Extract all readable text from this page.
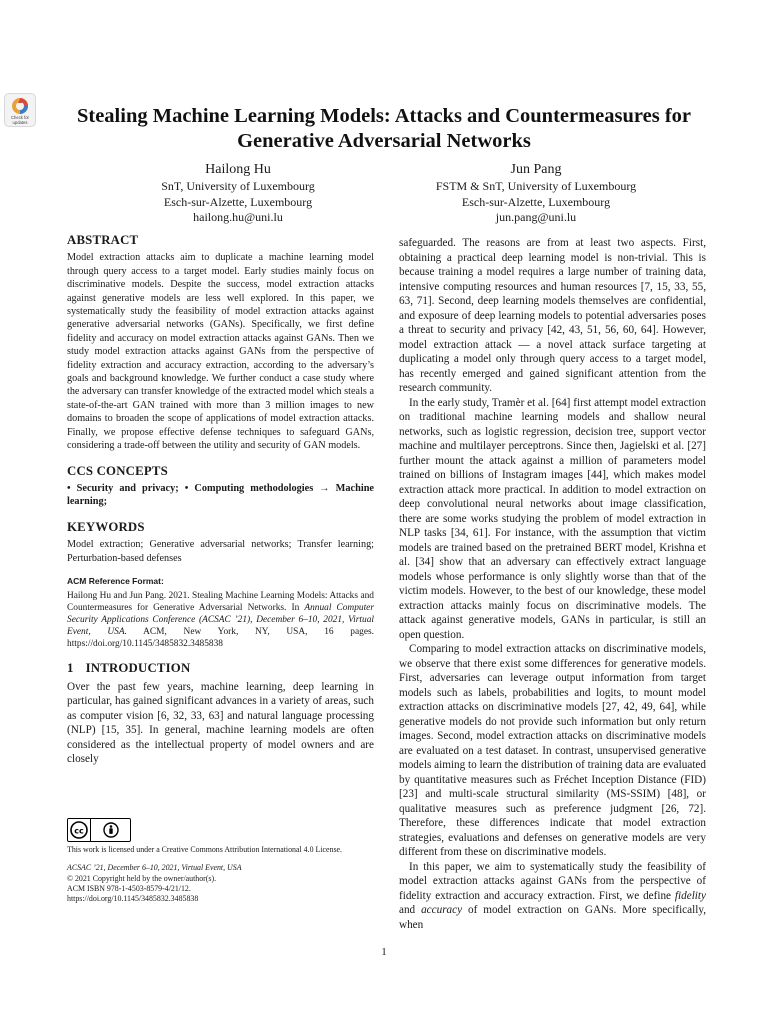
Check for updates	Stealing Machine Learning Models: Attacks and Countermeasures for Generative Adversarial Networks
Hailong Hu
SnT, University of Luxembourg
Esch-sur-Alzette, Luxembourg
hailong.hu@uni.lu
Jun Pang
FSTM & SnT, University of Luxembourg
Esch-sur-Alzette, Luxembourg
jun.pang@uni.lu
ABSTRACT

Model extraction attacks aim to duplicate a machine learning model through query access to a target model. Early studies mainly focus on discriminative models. Despite the success, model extraction attacks against generative models are less well explored. In this paper, we systematically study the feasibility of model extraction attacks against generative adversarial networks (GANs). Specifically, we first define fidelity and accuracy on model extraction attacks against GANs. Then we study model extraction attacks against GANs from the perspective of fidelity extraction and accuracy extraction, according to the adversary’s goals and background knowledge. We further conduct a case study where the adversary can transfer knowledge of the extracted model which steals a state-of-the-art GAN trained with more than 3 million images to new domains to broaden the scope of applications of model extraction attacks. Finally, we propose effective defense techniques to safeguard GANs, considering a trade-off between the utility and security of GAN models.

CCS CONCEPTS

• Security and privacy; • Computing methodologies → Machine learning;

KEYWORDS

Model extraction; Generative adversarial networks; Transfer learning; Perturbation-based defenses

ACM Reference Format:

Hailong Hu and Jun Pang. 2021. Stealing Machine Learning Models: Attacks and Countermeasures for Generative Adversarial Networks. In Annual Computer Security Applications Conference (ACSAC ’21), December 6–10, 2021, Virtual Event, USA. ACM, New York, NY, USA, 16 pages. https://doi.org/10.1145/3485832.3485838

1 INTRODUCTION

Over the past few years, machine learning, deep learning in particular, has gained significant advances in a variety of areas, such as computer vision [6, 32, 33, 63] and natural language processing (NLP) [15, 35]. In general, machine learning models are often considered as the intellectual property of model owners and are closely

cc

This work is licensed under a Creative Commons Attribution International 4.0 License.

ACSAC ’21, December 6–10, 2021, Virtual Event, USA

© 2021 Copyright held by the owner/author(s).

ACM ISBN 978-1-4503-8579-4/21/12.

https://doi.org/10.1145/3485832.3485838

safeguarded. The reasons are from at least two aspects. First, obtaining a practical deep learning model is non-trivial. This is because training a model requires a large number of training data, intensive computing resources and human resources [7, 15, 33, 55, 63, 71]. Second, deep learning models themselves are confidential, and exposure of deep learning models to potential adversaries poses a threat to security and privacy [42, 43, 51, 56, 60, 64]. However, model extraction attack — a novel attack surface targeting at duplicating a model only through query access to a target model, has recently emerged and gained significant attention from the research community.

In the early study, Tramèr et al. [64] first attempt model extraction on traditional machine learning models and shallow neural networks, such as logistic regression, decision tree, support vector machine and multilayer perceptrons. Since then, Jagielski et al. [27] further mount the attack against a million of parameters model trained on billions of Instagram images [44], which makes model extraction attack more practical. In addition to model extraction on deep convolutional neural networks about image classification, there are some works studying the problem of model extraction in NLP tasks [34, 61]. For instance, with the assumption that victim models are trained based on the pretrained BERT model, Krishna et al. [34] show that an adversary can effectively extract language models whose performance is only slightly worse than that of the victim models. However, to the best of our knowledge, these model extraction attacks mainly focus on discriminative models. The attack against generative models, GANs in particular, is still an open question.

Comparing to model extraction attacks on discriminative models, we observe that there exist some differences for generative models. First, adversaries can leverage output information from target models such as labels, probabilities and logits, to mount model extraction attacks on discriminative models [27, 42, 49, 64], while generative models do not provide such information but only return images. Second, model extraction attacks on discriminative models are evaluated on a test dataset. In contrast, unsupervised generative models aiming to learn the distribution of training data are evaluated by quantitative measures such as Fréchet Inception Distance (FID) [23] and multi-scale structural similarity (MS-SSIM) [48], or qualitative measures such as preference judgment [26, 72]. Therefore, these differences indicate that model extraction strategies, evaluations and defenses on generative models are very different from these on discriminative models.

In this paper, we aim to systematically study the feasibility of model extraction attacks against GANs from the perspective of fidelity extraction and accuracy extraction. First, we define fidelity and accuracy of model extraction on GANs. More specifically, when

1
